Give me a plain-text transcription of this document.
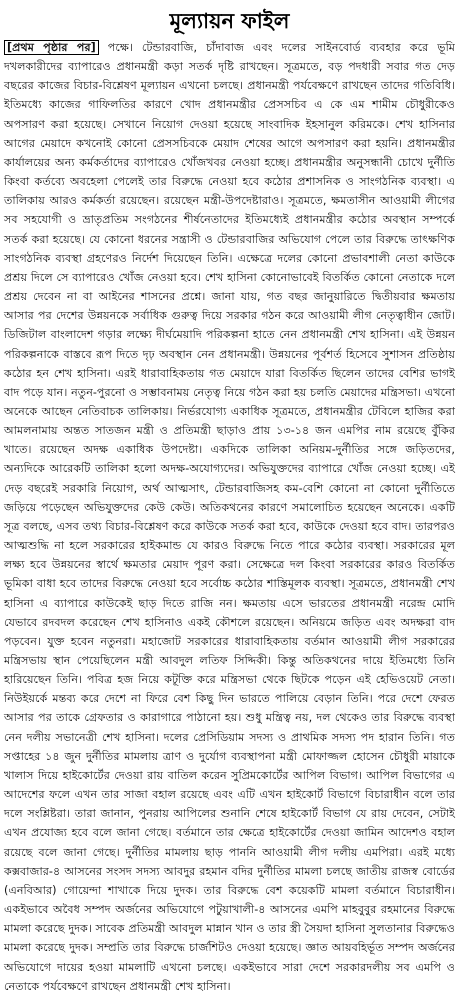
মূল্যায়ন ফাইল
[প্রথম পৃষ্ঠার পর] পক্ষে। টেন্ডারবাজি, চাঁদাবাজ এবং দলের সাইনবোর্ড ব্যবহার করে ভূমি দখলকারীদের ব্যাপারেও প্রধানমন্ত্রী কড়া সতর্ক দৃষ্টি রাখছেন। সূত্রমতে, বড় পদধারী সবার গত দেড় বছরের কাজের বিচার-বিশ্লেষণ মূল্যায়ন এখনো চলছে। প্রধানমন্ত্রী পর্যবেক্ষণে রাখছেন তাদের গতিবিধি। ইতিমধ্যে কাজের গাফিলতির কারণে খোদ প্রধানমন্ত্রীর প্রেসসচিব এ কে এম শামীম চৌধুরীকেও অপসারণ করা হয়েছে। সেখানে নিয়োগ দেওয়া হয়েছে সাংবাদিক ইহসানুল করিমকে। শেখ হাসিনার আগের মেয়াদে কখনোই কোনো প্রেসসচিবকে মেয়াদ শেষের আগে অপসারণ করা হয়নি। প্রধানমন্ত্রীর কার্যালয়ের অন্য কর্মকর্তাদের ব্যাপারেও খোঁজখবর নেওয়া হচ্ছে। প্রধানমন্ত্রীর অনুসন্ধানী চোখে দুর্নীতি কিংবা কর্তব্যে অবহেলা পেলেই তার বিরুদ্ধে নেওয়া হবে কঠোর প্রশাসনিক ও সাংগঠনিক ব্যবস্থা। এ তালিকায় আরও কর্মকর্তা রয়েছেন। রয়েছেন মন্ত্রী-উপদেষ্টারাও। সূত্রমতে, ক্ষমতাসীন আওয়ামী লীগের সব সহযোগী ও ভ্রাতৃপ্রতিম সংগঠনের শীর্ষনেতাদের ইতিমধ্যেই প্রধানমন্ত্রীর কঠোর অবস্থান সম্পর্কে সতর্ক করা হয়েছে। যে কোনো ধরনের সন্ত্রাসী ও টেন্ডারবাজির অভিযোগ পেলে তার বিরুদ্ধে তাৎক্ষণিক সাংগঠনিক ব্যবস্থা গ্রহণেরও নির্দেশ দিয়েছেন তিনি। এক্ষেত্রে দলের কোনো প্রভাবশালী নেতা কাউকে প্রশ্রয় দিলে সে ব্যাপারেও খোঁজ নেওয়া হবে। শেখ হাসিনা কোনোভাবেই বিতর্কিত কোনো নেতাকে দলে প্রশ্রয় দেবেন না বা আইনের শাসনের প্রশ্নে। জানা যায়, গত বছর জানুয়ারিতে দ্বিতীয়বার ক্ষমতায় আসার পর দেশের উন্নয়নকে সর্বাধিক গুরুত্ব দিয়ে সরকার গঠন করে আওয়ামী লীগ নেতৃত্বাধীন জোট। ডিজিটাল বাংলাদেশ গড়ার লক্ষ্যে দীর্ঘমেয়াদি পরিকল্পনা হাতে নেন প্রধানমন্ত্রী শেখ হাসিনা। এই উন্নয়ন পরিকল্পনাকে বাস্তবে রূপ দিতে দৃঢ় অবস্থান নেন প্রধানমন্ত্রী। উন্নয়নের পূর্বশর্ত হিসেবে সুশাসন প্রতিষ্ঠায় কঠোর হন শেখ হাসিনা। এরই ধারাবাহিকতায় গত মেয়াদে যারা বিতর্কিত ছিলেন তাদের বেশির ভাগই বাদ পড়ে যান। নতুন-পুরনো ও সম্ভাবনাময় নেতৃত্ব নিয়ে গঠন করা হয় চলতি মেয়াদের মন্ত্রিসভা। এখনো অনেকে আছেন নেতিবাচক তালিকায়। নির্ভরযোগ্য একাধিক সূত্রমতে, প্রধানমন্ত্রীর টেবিলে হাজির করা আমলনামায় অন্তত সাতজন মন্ত্রী ও প্রতিমন্ত্রী ছাড়াও প্রায় ১৩-১৪ জন এমপির নাম রয়েছে বুঁকির খাতে। রয়েছেন অদক্ষ একাধিক উপদেষ্টা। একদিকে তালিকা অনিয়ম-দুর্নীতির সঙ্গে জড়িতদের, অন্যদিকে আরেকটি তালিকা হলো অদক্ষ-অযোগ্যদের। অভিযুক্তদের ব্যাপারে খোঁজ নেওয়া হচ্ছে। এই দেড় বছরেই সরকারি নিয়োগ, অর্থ আত্মসাৎ, টেন্ডারবাজিসহ কম-বেশি কোনো না কোনো দুর্নীতিতে জড়িয়ে পড়েছেন অভিযুক্তদের কেউ কেউ। অতিকথনের কারণে সমালোচিত হয়েছেন অনেকে। একটি সূত্র বলছে, এসব তথ্য বিচার-বিশ্লেষণ করে কাউকে সতর্ক করা হবে, কাউকে দেওয়া হবে বাদ। তারপরও আত্মশুদ্ধি না হলে সরকারের হাইকমান্ড যে কারও বিরুদ্ধে নিতে পারে কঠোর ব্যবস্থা। সরকারের মূল লক্ষ্য হবে উন্নয়নের স্বার্থে ক্ষমতার মেয়াদ পূরণ করা। সেক্ষেত্রে দল কিংবা সরকারের কারও বিতর্কিত ভূমিকা বাধা হবে তাদের বিরুদ্ধে নেওয়া হবে সর্বোচ্চ কঠোর শাস্তিমূলক ব্যবস্থা। সূত্রমতে, প্রধানমন্ত্রী শেখ হাসিনা এ ব্যাপারে কাউকেই ছাড় দিতে রাজি নন। ক্ষমতায় এসে ভারতের প্রধানমন্ত্রী নরেন্দ্র মোদি যেভাবে রদবদল করেছেন শেখ হাসিনাও একই কৌশলে রয়েছেন। অনিয়মে জড়িত এবং অদক্ষরা বাদ পড়বেন। যুক্ত হবেন নতুনরা। মহাজোট সরকারের ধারাবাহিকতায় বর্তমান আওয়ামী লীগ সরকারের মন্ত্রিসভায় স্থান পেয়েছিলেন মন্ত্রী আবদুল লতিফ সিদ্দিকী। কিন্তু অতিকথনের দায়ে ইতিমধ্যে তিনি হারিয়েছেন তিনি। পবিত্র হজ নিয়ে কটূক্তি করে মন্ত্রিসভা থেকে ছিটকে পড়েন এই হেভিওয়েট নেতা। নিউইয়র্কে মন্তব্য করে দেশে না ফিরে বেশ কিছু দিন ভারতে পালিয়ে বেড়ান তিনি। পরে দেশে ফেরত আসার পর তাকে গ্রেফতার ও কারাগারে পাঠানো হয়। শুধু মন্ত্রিত্ব নয়, দল থেকেও তার বিরুদ্ধে ব্যবস্থা নেন দলীয় সভানেত্রী শেখ হাসিনা। দলের প্রেসিডিয়াম সদস্য ও প্রাথমিক সদস্য পদ হারান তিনি। গত সপ্তাহের ১৪ জুন দুর্নীতির মামলায় ত্রাণ ও দুর্যোগ ব্যবস্থাপনা মন্ত্রী মোফাজ্জল হোসেন চৌধুরী মায়াকে খালাস দিয়ে হাইকোর্টের দেওয়া রায় বাতিল করেন সুপ্রিমকোর্টের আপিল বিভাগ। আপিল বিভাগের এ আদেশের ফলে এখন তার সাজা বহাল রয়েছে এবং এটি এখন হাইকোর্ট বিভাগে বিচারাধীন বলে তার দলে সংশ্লিষ্টরা। তারা জানান, পুনরায় আপিলের শুনানি শেষে হাইকোর্ট বিভাগ যে রায় দেবেন, সেটাই এখন প্রযোজ্য হবে বলে জানা গেছে। বর্তমানে তার ক্ষেত্রে হাইকোর্টের দেওয়া জামিন আদেশও বহাল রয়েছে বলে জানা গেছে। দুর্নীতির মামলায় ছাড় পাননি আওয়ামী লীগ দলীয় এমপিরা। এরই মধ্যে কক্সবাজার-৪ আসনের সংসদ সদস্য আবদুর রহমান বদির দুর্নীতির মামলা চলছে জাতীয় রাজস্ব বোর্ডের (এনবিআর) গোয়েন্দা শাখাকে দিয়ে দুদক। তার বিরুদ্ধে বেশ কয়েকটি মামলা বর্তমানে বিচারাধীন। একইভাবে অবৈধ সম্পদ অর্জনের অভিযোগে পটুয়াখালী-৪ আসনের এমপি মাহবুবুর রহমানের বিরুদ্ধে মামলা করেছে দুদক। সাবেক প্রতিমন্ত্রী আবদুল মান্নান খান ও তার স্ত্রী সৈয়দা হাসিনা সুলতানার বিরুদ্ধেও মামলা করেছে দুদক। সম্প্রতি তার বিরুদ্ধে চার্জশিটও দেওয়া হয়েছে। জ্ঞাত আয়বহির্ভূত সম্পদ অর্জনের অভিযোগে দায়ের হওয়া মামলাটি এখনো চলছে। একইভাবে সারা দেশে সরকারদলীয় সব এমপি ও নেতাকে পর্যবেক্ষণে রাখছেন প্রধানমন্ত্রী শেখ হাসিনা।
